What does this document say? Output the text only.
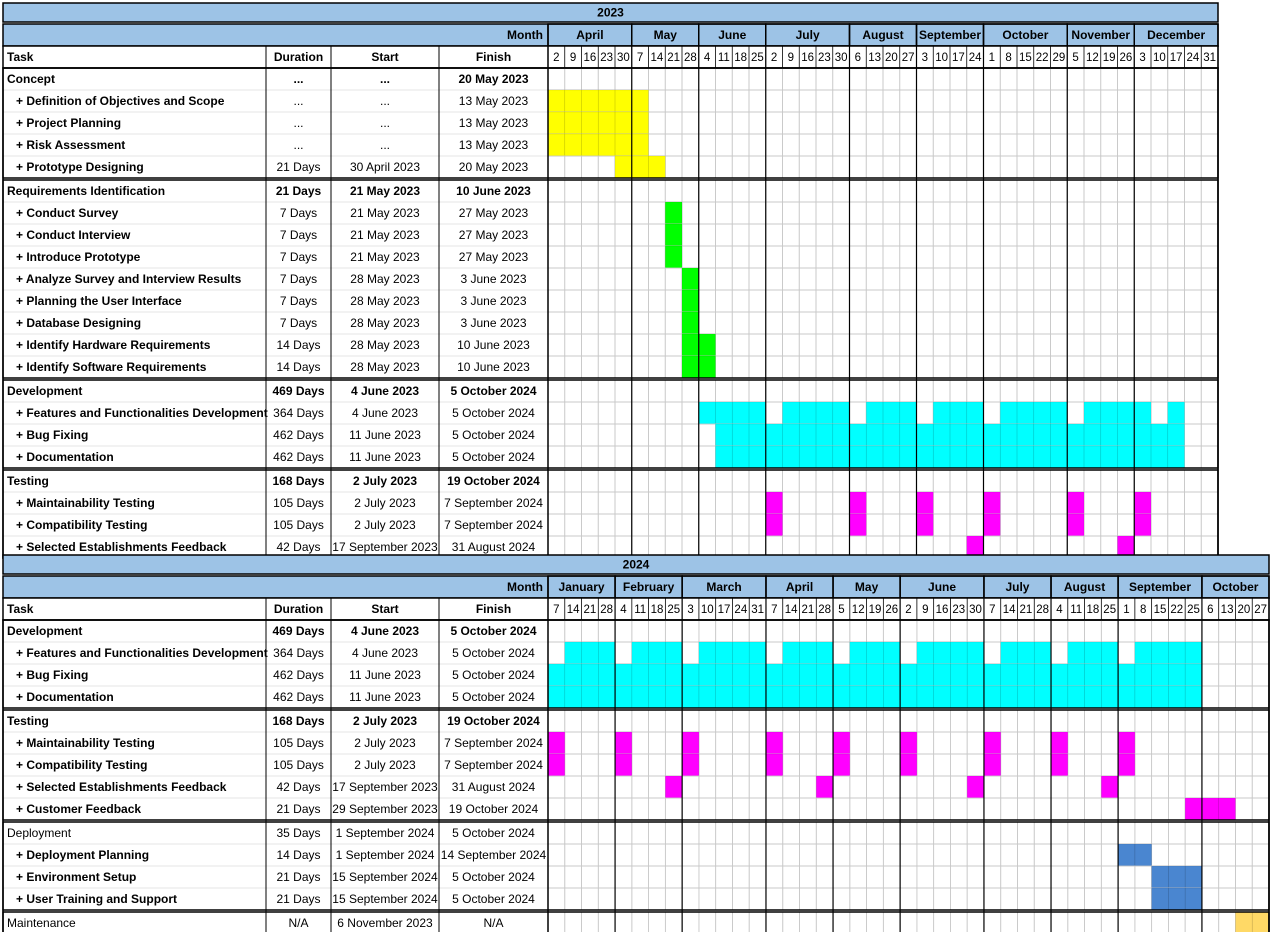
2023
Month	April	May	June	July	August September October November December
Task	Duration	Start	Finish	2 9 16 23 30 7 14 21 28 4 11 18 25 2 9 16 23 30 6 13 20 27 3 10 17 24 1 8 15 22 29 5 12 19 26 3 10 17 24 31
Concept	...	...	20 May 2023
+ Definition of Objectives and Scope	...	...	13 May 2023
+ Project Planning	...	...	13 May 2023
+ Risk Assessment	...	...	13 May 2023
+ Prototype Designing	21 Days 30 April 2023	20 May 2023
Requirements Identification	21 Days 21 May 2023	10 June 2023
+ Conduct Survey	7 Days	21 May 2023	27 May 2023
+ Conduct Interview	7 Days	21 May 2023	27 May 2023
+ Introduce Prototype	7 Days	21 May 2023	27 May 2023
+ Analyze Survey and Interview Results	7 Days	28 May 2023	3 June 2023
+ Planning the User Interface	7 Days	28 May 2023	3 June 2023
+ Database Designing	7 Days	28 May 2023	3 June 2023
+ Identify Hardware Requirements	14 Days 28 May 2023	10 June 2023
+ Identify Software Requirements	14 Days 28 May 2023	10 June 2023
Development	469 Days 4 June 2023	5 October 2024
+ Features and Functionalities Development 364 Days 4 June 2023	5 October 2024
+ Bug Fixing	462 Days 11 June 2023	5 October 2024
+ Documentation	462 Days 11 June 2023	5 October 2024
Testing	168 Days 2 July 2023	19 October 2024
+ Maintainability Testing	105 Days	2 July 2023 7 September 2024
+ Compatibility Testing	105 Days	2 July 2023 7 September 2024
+ Selected Establishments Feedback	42 Days 17 September 2023 31 August 2024
2024
Month January February	March	April	May	June	July	August September October
Task	Duration	Start	Finish	7 14 21 28 4 11 18 25 3 10 17 24 31 7 14 21 28 5 12 19 26 2 9 16 23 30 7 14 21 28 4 11 18 25 1 8 15 22 25 6 13 20 27
Development	469 Days 4 June 2023	5 October 2024
+ Features and Functionalities Development 364 Days 4 June 2023	5 October 2024
+ Bug Fixing	462 Days 11 June 2023	5 October 2024
+ Documentation	462 Days 11 June 2023	5 October 2024
Testing	168 Days 2 July 2023	19 October 2024
+ Maintainability Testing	105 Days	2 July 2023 7 September 2024
+ Compatibility Testing	105 Days	2 July 2023 7 September 2024
+ Selected Establishments Feedback	42 Days 17 September 2023 31 August 2024
+ Customer Feedback	21 Days 29 September 2023 19 October 2024
Deployment	35 Days 1 September 2024 5 October 2024
+ Deployment Planning	14 Days 1 September 2024 14 September 2024
+ Environment Setup	21 Days 15 September 2024 5 October 2024
+ User Training and Support	21 Days 15 September 2024 5 October 2024
Maintenance	N/A 6 November 2023	N/A
